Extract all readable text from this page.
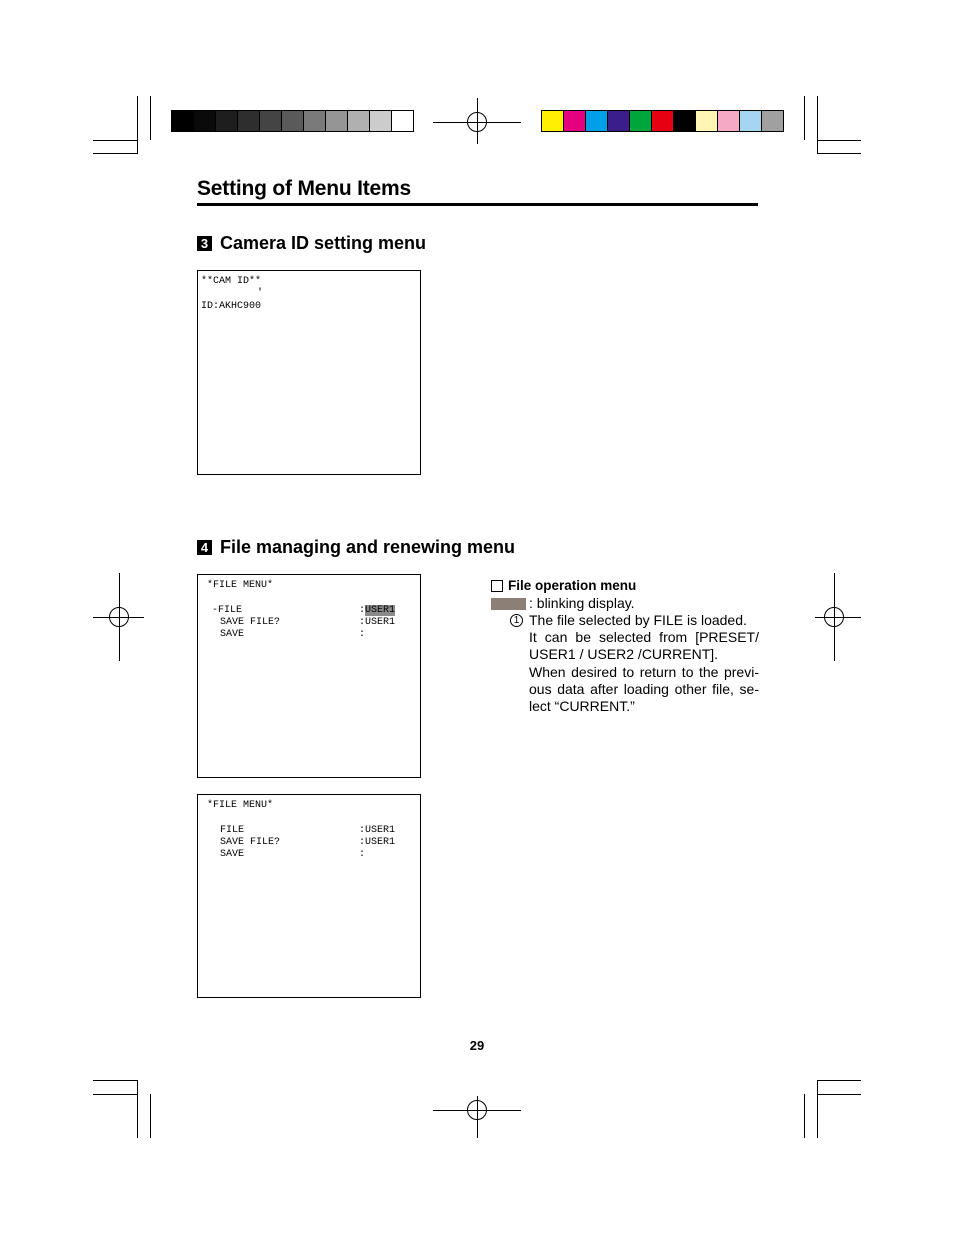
Setting of Menu Items
3 Camera ID setting menu
**CAM ID**
'
ID:AKHC900
4 File managing and renewing menu
*FILE MENU*
-FILE	:USER1
SAVE FILE?	:USER1
SAVE	:
*FILE MENU*
FILE	:USER1
SAVE FILE?	:USER1
SAVE	:
File operation menu
: blinking display.
1 The file selected by FILE is loaded.
It can be selected from [PRESET/
USER1 / USER2 /CURRENT].
When desired to return to the previ-
ous data after loading other file, se-
lect “CURRENT.”
29
